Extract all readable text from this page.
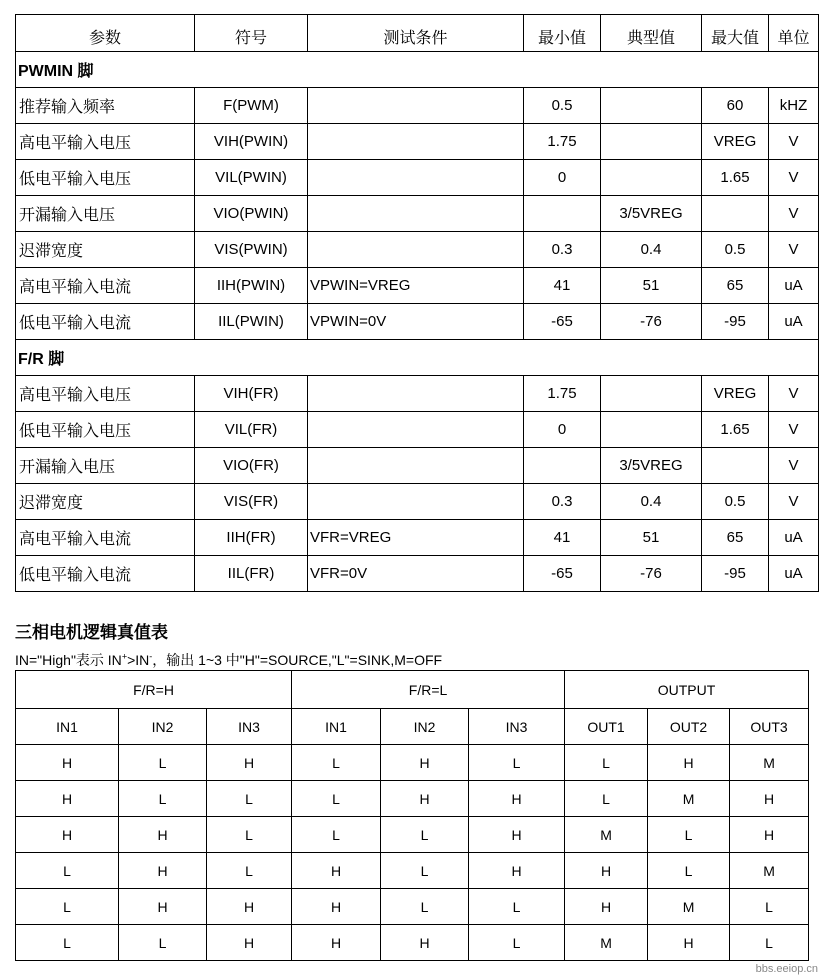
参数	符号	测试条件	最小值	典型值	最大值	单位
PWMIN 脚						
推荐输入频率	F(PWM)		0.5		60	kHZ
高电平输入电压	VIH(PWIN)		1.75		VREG	V
低电平输入电压	VIL(PWIN)		0		1.65	V
开漏输入电压	VIO(PWIN)			3/5VREG		V
迟滞宽度	VIS(PWIN)		0.3	0.4	0.5	V
高电平输入电流	IIH(PWIN)	VPWIN=VREG	41	51	65	uA
低电平输入电流	IIL(PWIN)	VPWIN=0V	-65	-76	-95	uA
F/R 脚						
高电平输入电压	VIH(FR)		1.75		VREG	V
低电平输入电压	VIL(FR)		0		1.65	V
开漏输入电压	VIO(FR)			3/5VREG		V
迟滞宽度	VIS(FR)		0.3	0.4	0.5	V
高电平输入电流	IIH(FR)	VFR=VREG	41	51	65	uA
低电平输入电流	IIL(FR)	VFR=0V	-65	-76	-95	uA
三相电机逻辑真值表
IN="High"表示 IN+>IN-，输出 1~3 中"H"=SOURCE,"L"=SINK,M=OFF
F/R=H			F/R=L			OUTPUT		
IN1	IN2	IN3	IN1	IN2	IN3	OUT1	OUT2	OUT3
H	L	H	L	H	L	L	H	M
H	L	L	L	H	H	L	M	H
H	H	L	L	L	H	M	L	H
L	H	L	H	L	H	H	L	M
L	H	H	H	L	L	H	M	L
L	L	H	H	H	L	M	H	L
bbs.eeiop.cn
